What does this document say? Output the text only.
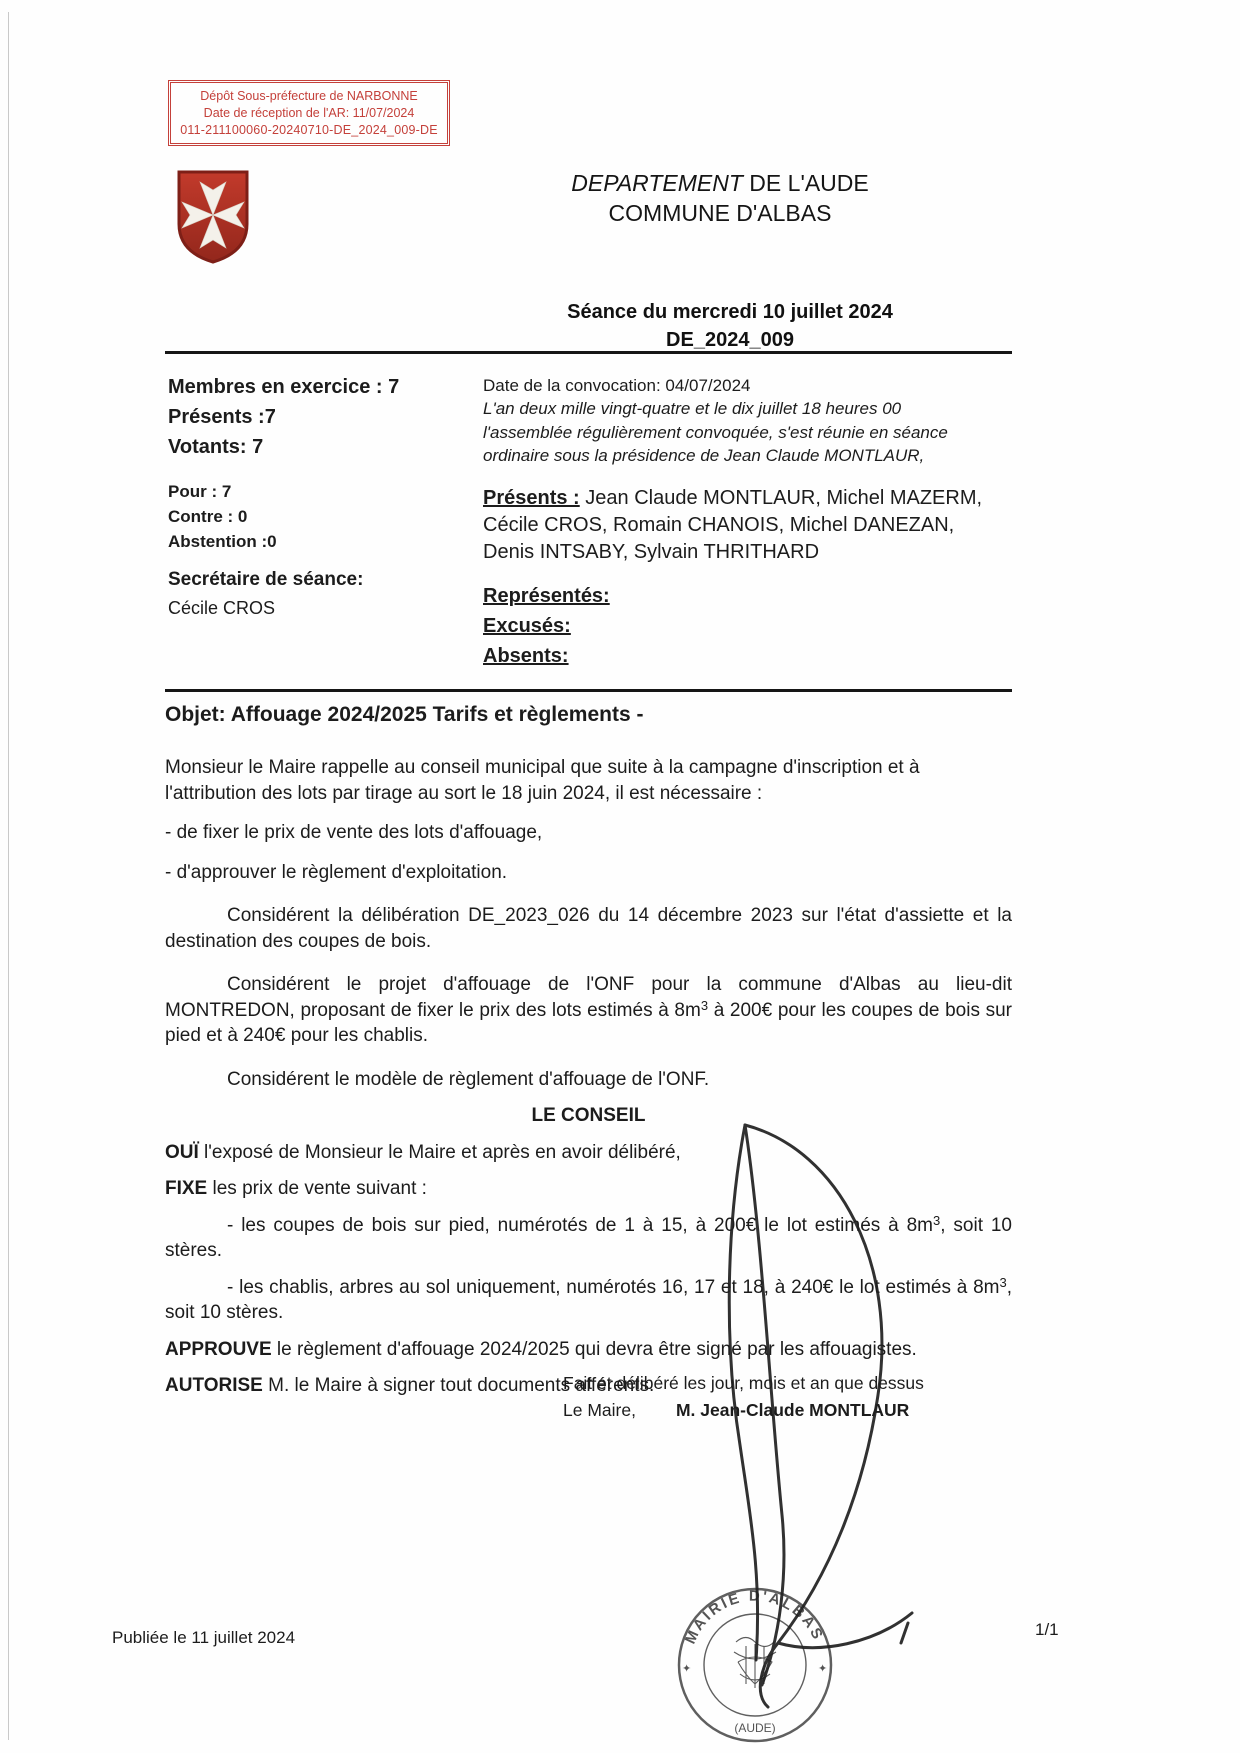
Dépôt Sous-préfecture de NARBONNE
Date de réception de l'AR: 11/07/2024
011-211100060-20240710-DE_2024_009-DE
DEPARTEMENT DE L'AUDE
COMMUNE D'ALBAS
Séance du mercredi 10 juillet 2024
DE_2024_009
Membres en exercice : 7
Présents :7
Votants: 7
Pour : 7
Contre : 0
Abstention :0
Secrétaire de séance:
Cécile CROS
Date de la convocation: 04/07/2024
L'an deux mille vingt-quatre et le dix juillet 18 heures 00 l'assemblée régulièrement convoquée, s'est réunie en séance ordinaire sous la présidence de Jean Claude MONTLAUR,
Présents : Jean Claude MONTLAUR, Michel MAZERM, Cécile CROS, Romain CHANOIS, Michel DANEZAN, Denis INTSABY, Sylvain THRITHARD
Représentés:
Excusés:
Absents:
Objet: Affouage 2024/2025 Tarifs et règlements -

Monsieur le Maire rappelle au conseil municipal que suite à la campagne d'inscription et à l'attribution des lots par tirage au sort le 18 juin 2024, il est nécessaire :

- de fixer le prix de vente des lots d'affouage,

- d'approuver le règlement d'exploitation.

Considérent la délibération DE_2023_026 du 14 décembre 2023 sur l'état d'assiette et la destination des coupes de bois.

Considérent le projet d'affouage de l'ONF pour la commune d'Albas au lieu-dit MONTREDON, proposant de fixer le prix des lots estimés à $8m^3$ à 200€ pour les coupes de bois sur pied et à 240€ pour les chablis.

Considérent le modèle de règlement d'affouage de l'ONF.

LE CONSEIL

OUÏ l'exposé de Monsieur le Maire et après en avoir délibéré,

FIXE les prix de vente suivant :

- les coupes de bois sur pied, numérotés de 1 à 15, à 200€ le lot estimés à $8m^3$, soit 10 stères.

- les chablis, arbres au sol uniquement, numérotés 16, 17 et 18, à 240€ le lot estimés à $8m^3$, soit 10 stères.

APPROUVE le règlement d'affouage 2024/2025 qui devra être signé par les affouagistes.

AUTORISE M. le Maire à signer tout documents afférents.

Fait et délibéré les jour, mois et an que dessus
Le Maire, M. Jean-Claude MONTLAUR
MAIRIE D'ALBAS
(AUDE)
✦	✦
Publiée le 11 juillet 2024	1/1
